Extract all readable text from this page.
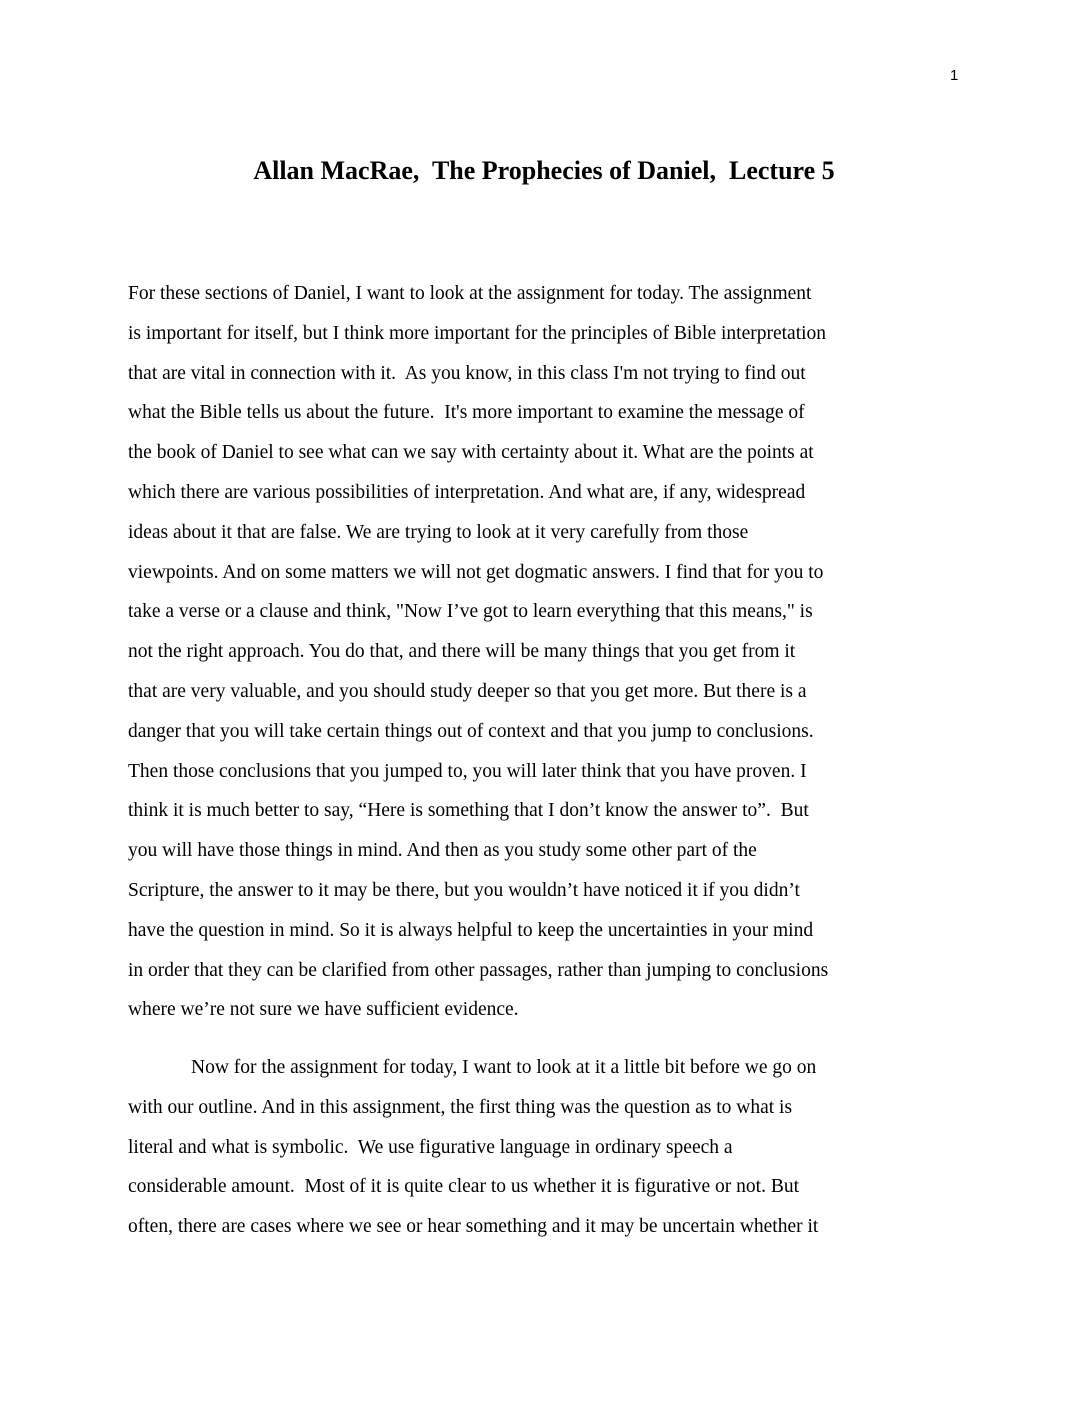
1
Allan MacRae,  The Prophecies of Daniel,  Lecture 5
For these sections of Daniel, I want to look at the assignment for today. The assignment
is important for itself, but I think more important for the principles of Bible interpretation
that are vital in connection with it.  As you know, in this class I'm not trying to find out
what the Bible tells us about the future.  It's more important to examine the message of
the book of Daniel to see what can we say with certainty about it. What are the points at
which there are various possibilities of interpretation. And what are, if any, widespread
ideas about it that are false. We are trying to look at it very carefully from those
viewpoints. And on some matters we will not get dogmatic answers. I find that for you to
take a verse or a clause and think, "Now I’ve got to learn everything that this means," is
not the right approach. You do that, and there will be many things that you get from it
that are very valuable, and you should study deeper so that you get more. But there is a
danger that you will take certain things out of context and that you jump to conclusions.
Then those conclusions that you jumped to, you will later think that you have proven. I
think it is much better to say, “Here is something that I don’t know the answer to”.  But
you will have those things in mind. And then as you study some other part of the
Scripture, the answer to it may be there, but you wouldn’t have noticed it if you didn’t
have the question in mind. So it is always helpful to keep the uncertainties in your mind
in order that they can be clarified from other passages, rather than jumping to conclusions
where we’re not sure we have sufficient evidence.
Now for the assignment for today, I want to look at it a little bit before we go on
with our outline. And in this assignment, the first thing was the question as to what is
literal and what is symbolic.  We use figurative language in ordinary speech a
considerable amount.  Most of it is quite clear to us whether it is figurative or not. But
often, there are cases where we see or hear something and it may be uncertain whether it
